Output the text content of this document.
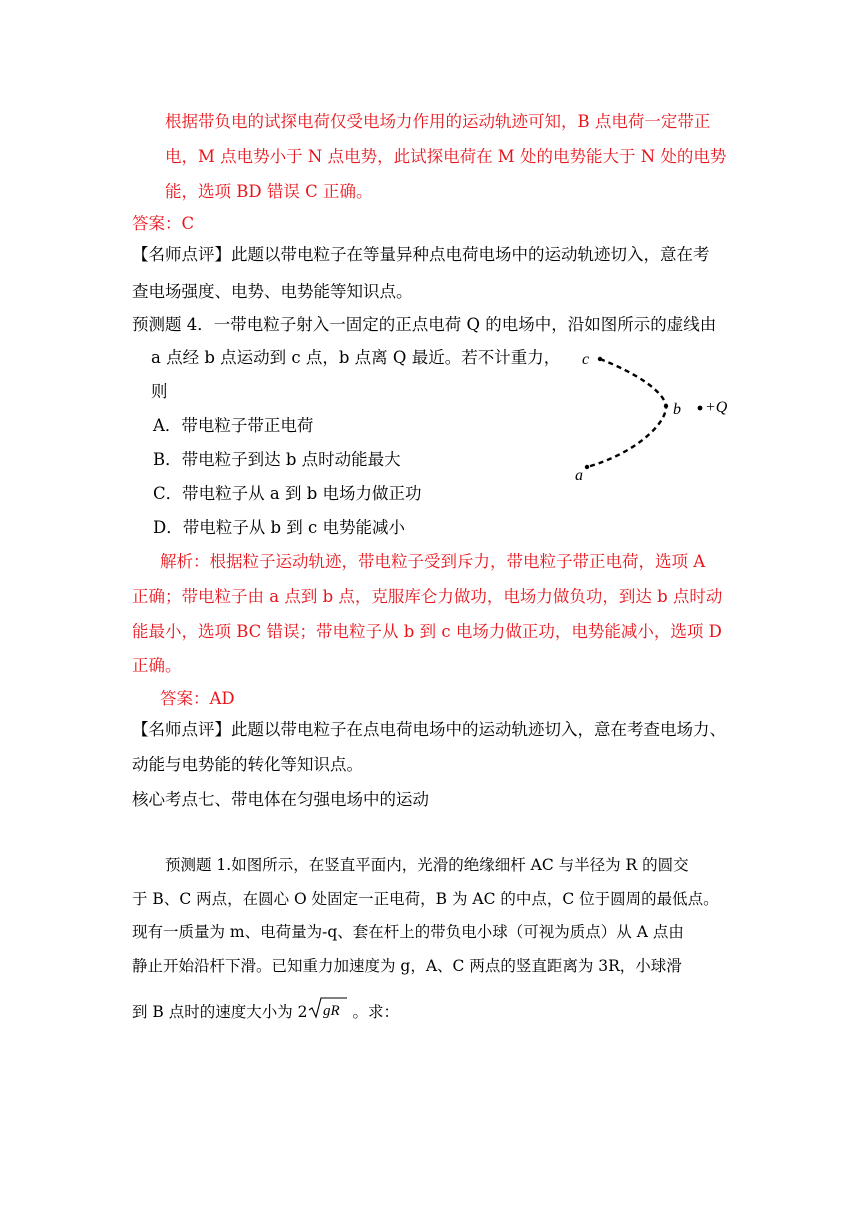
根据带负电的试探电荷仅受电场力作用的运动轨迹可知，B 点电荷一定带正
电，M 点电势小于 N 点电势，此试探电荷在 M 处的电势能大于 N 处的电势
能，选项 BD 错误 C 正确。
答案：C
【名师点评】此题以带电粒子在等量异种点电荷电场中的运动轨迹切入，意在考
查电场强度、电势、电势能等知识点。
预测题 4．一带电粒子射入一固定的正点电荷 Q 的电场中，沿如图所示的虚线由
a 点经 b 点运动到 c 点，b 点离 Q 最近。若不计重力，
则
A．带电粒子带正电荷
B．带电粒子到达 b 点时动能最大
C．带电粒子从 a 到 b 电场力做正功
D．带电粒子从 b 到 c 电势能减小
c
b
a
+Q
解析：根据粒子运动轨迹，带电粒子受到斥力，带电粒子带正电荷，选项 A
正确；带电粒子由 a 点到 b 点，克服库仑力做功，电场力做负功，到达 b 点时动
能最小，选项 BC 错误；带电粒子从 b 到 c 电场力做正功，电势能减小，选项 D
正确。
答案：AD
【名师点评】此题以带电粒子在点电荷电场中的运动轨迹切入，意在考查电场力、
动能与电势能的转化等知识点。
核心考点七、带电体在匀强电场中的运动
预测题 1.如图所示，在竖直平面内，光滑的绝缘细杆 AC 与半径为 R 的圆交
于 B、C 两点，在圆心 O 处固定一正电荷，B 为 AC 的中点，C 位于圆周的最低点。
现有一质量为 m、电荷量为-q、套在杆上的带负电小球（可视为质点）从 A 点由
静止开始沿杆下滑。已知重力加速度为 g，A、C 两点的竖直距离为 3R，小球滑
到 B 点时的速度大小为 2 gR 。求：
